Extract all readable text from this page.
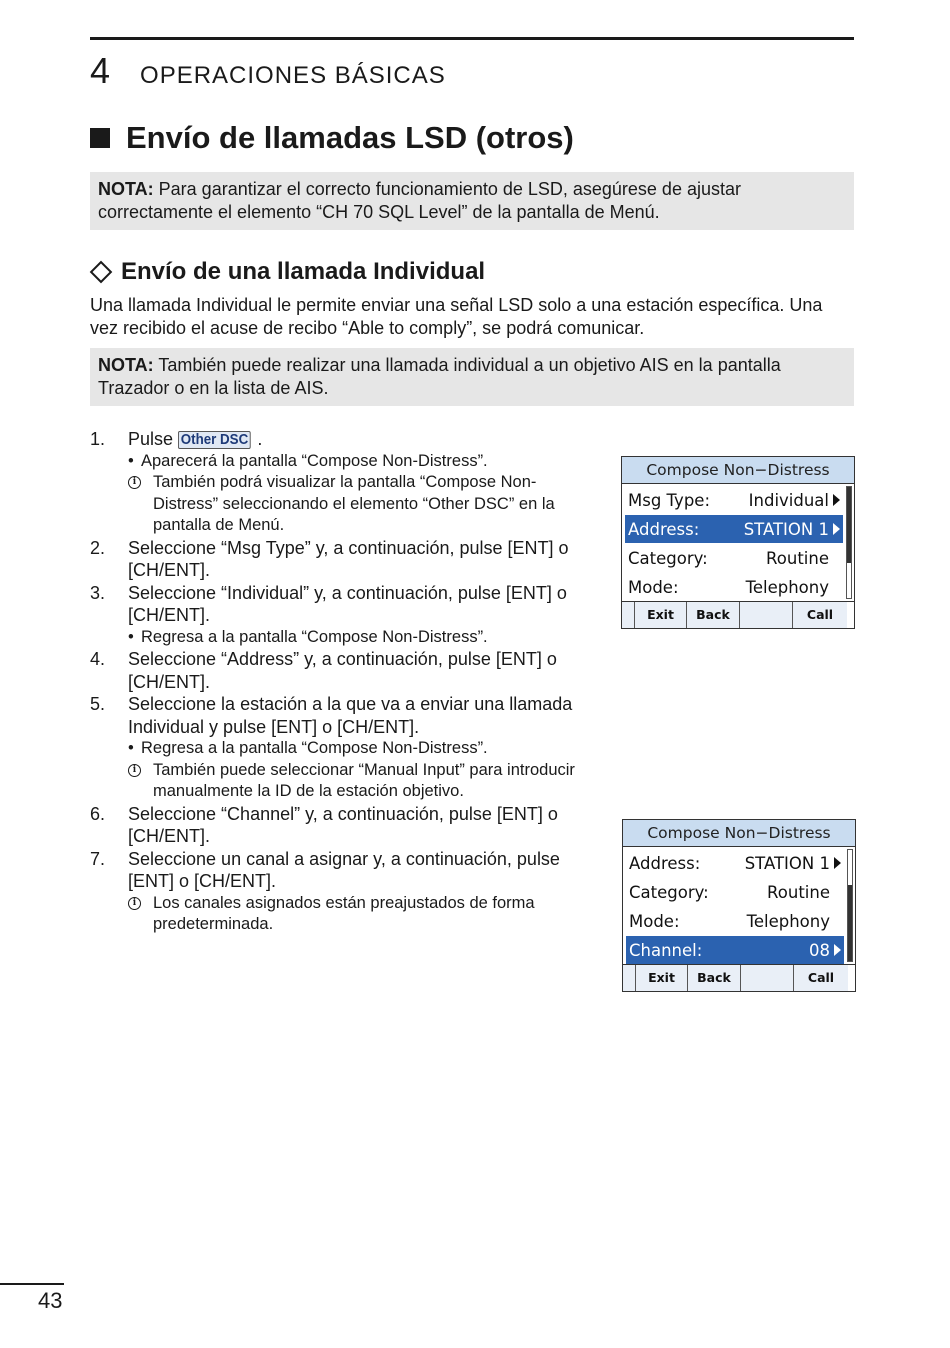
4 OPERACIONES BÁSICAS
Envío de llamadas LSD (otros)
NOTA: Para garantizar el correcto funcionamiento de LSD, asegúrese de ajustar correctamente el elemento “CH 70 SQL Level” de la pantalla de Menú.
Envío de una llamada Individual
Una llamada Individual le permite enviar una señal LSD solo a una estación específica. Una vez recibido el acuse de recibo “Able to comply”, se podrá comunicar.
NOTA: También puede realizar una llamada individual a un objetivo AIS en la pantalla Trazador o en la lista de AIS.
1.	Pulse Other DSC .
• Aparecerá la pantalla “Compose Non-Distress”.
i También podrá visualizar la pantalla “Compose Non-Distress” seleccionando el elemento “Other DSC” en la pantalla de Menú.
2.	Seleccione “Msg Type” y, a continuación, pulse [ENT] o [CH/ENT].
3.	Seleccione “Individual” y, a continuación, pulse [ENT] o [CH/ENT].
• Regresa a la pantalla “Compose Non-Distress”.
4.	Seleccione “Address” y, a continuación, pulse [ENT] o [CH/ENT].
5.	Seleccione la estación a la que va a enviar una llamada Individual y pulse [ENT] o [CH/ENT].
• Regresa a la pantalla “Compose Non-Distress”.
i También puede seleccionar “Manual Input” para introducir manualmente la ID de la estación objetivo.
6.	Seleccione “Channel” y, a continuación, pulse [ENT] o [CH/ENT].
7.	Seleccione un canal a asignar y, a continuación, pulse [ENT] o [CH/ENT].
i Los canales asignados están preajustados de forma predeterminada.
Compose Non−Distress
Msg Type: Individual
Address:	STATION 1
Category:	Routine
Mode:	Telephony
Exit	Back	Call
Compose Non−Distress
Address:	STATION 1
Category:	Routine
Mode:	Telephony
Channel:	08
Exit	Back	Call
43
